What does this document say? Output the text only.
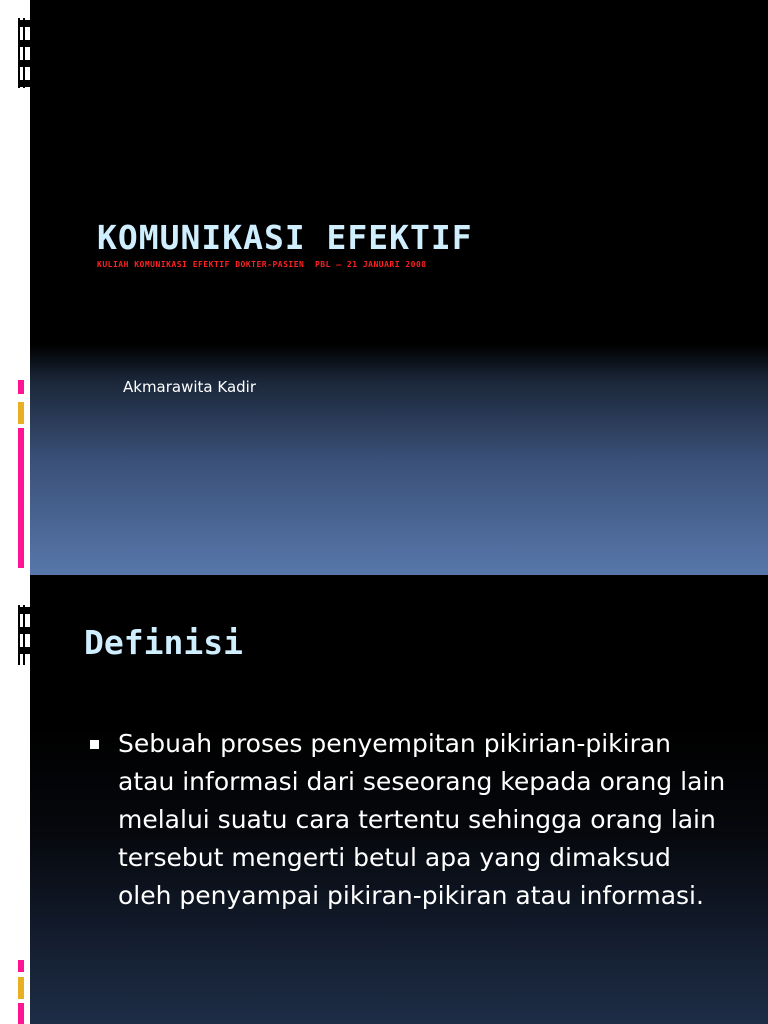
KOMUNIKASI EFEKTIF

KULIAH KOMUNIKASI EFEKTIF DOKTER-PASIEN  PBL – 21 JANUARI 2008

Akmarawita Kadir

Definisi
Sebuah proses penyempitan pikirian-pikiran atau informasi dari seseorang kepada orang lain melalui suatu cara tertentu sehingga orang lain tersebut mengerti betul apa yang dimaksud oleh penyampai pikiran-pikiran atau informasi.
